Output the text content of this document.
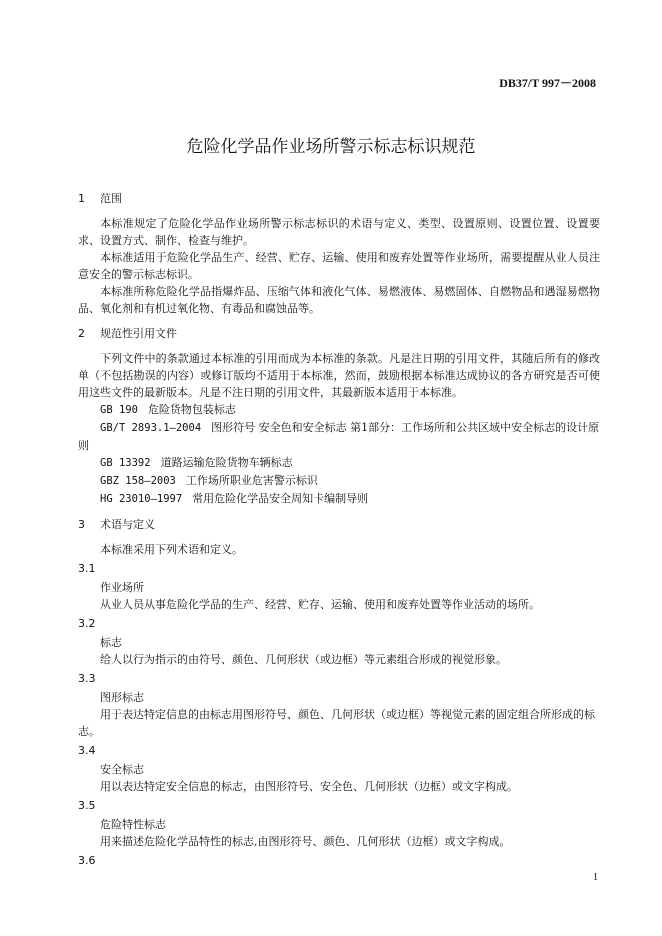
DB37/T 997－2008
危险化学品作业场所警示标志标识规范

1 范围

本标准规定了危险化学品作业场所警示标志标识的术语与定义、类型、设置原则、设置位置、设置要求、设置方式、制作、检查与维护。

本标准适用于危险化学品生产、经营、贮存、运输、使用和废弃处置等作业场所，需要提醒从业人员注意安全的警示标志标识。

本标准所称危险化学品指爆炸品、压缩气体和液化气体、易燃液体、易燃固体、自燃物品和遇湿易燃物品、氧化剂和有机过氧化物、有毒品和腐蚀品等。

2 规范性引用文件

下列文件中的条款通过本标准的引用而成为本标准的条款。凡是注日期的引用文件，其随后所有的修改单（不包括勘误的内容）或修订版均不适用于本标准，然而，鼓励根据本标准达成协议的各方研究是否可使用这些文件的最新版本。凡是不注日期的引用文件，其最新版本适用于本标准。

GB 190 危险货物包装标志

GB/T 2893.1—2004 图形符号 安全色和安全标志 第1部分：工作场所和公共区域中安全标志的设计原则

GB 13392 道路运输危险货物车辆标志

GBZ 158—2003 工作场所职业危害警示标识

HG 23010—1997 常用危险化学品安全周知卡编制导则

3 术语与定义

本标准采用下列术语和定义。

3.1

作业场所

从业人员从事危险化学品的生产、经营、贮存、运输、使用和废弃处置等作业活动的场所。

3.2

标志

给人以行为指示的由符号、颜色、几何形状（或边框）等元素组合形成的视觉形象。

3.3

图形标志

用于表达特定信息的由标志用图形符号、颜色、几何形状（或边框）等视觉元素的固定组合所形成的标志。

3.4

安全标志

用以表达特定安全信息的标志，由图形符号、安全色、几何形状（边框）或文字构成。

3.5

危险特性标志

用来描述危险化学品特性的标志,由图形符号、颜色、几何形状（边框）或文字构成。

3.6

1
